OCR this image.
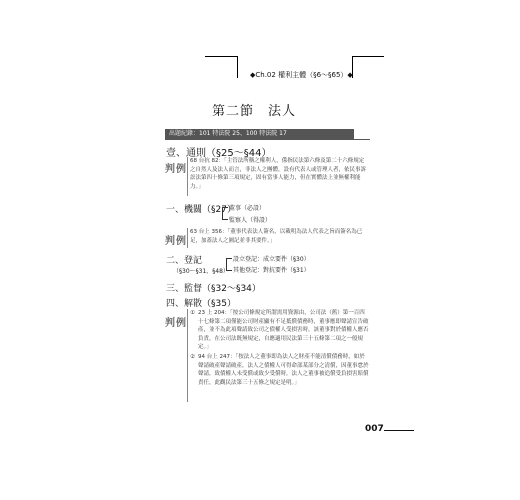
◆Ch.02 權利主體（§6～§65）◆
第二節　法人
出題紀錄：101 特法院 25、100 特法院 17
壹、通則（§25～§44）
判例
68 台抗 82：「主管法所稱之權利人，係指民法第六條及第二十六條規定之自然人及法人而言，非法人之團體，設有代表人或管理人者，依民事訴訟法第四十條第三項規定，固有當事人能力，但在實體法上並無權利能力。」
一、機關（§27）
董事（必設）
監察人（得設）
判例
63 台上 356：「董事代表法人簽名，以載明為法人代表之旨而簽名為已足，加蓋法人之圖記並非其要件。」
二、登記
（§30～§31、§48）
設立登記：成立要件（§30）
其他登記：對抗要件（§31）
三、監督（§32～§34）
四、解散（§35）
判例
① 23 上 204：「按公司條規定所謂需用資源由，公司法（舊）第一百四十七條第二項僅能公司財產顯有不足抵償債務時，董事應即聲請宣告破產，並不為此項聲請致公司之債權人受損害時，該董事對於債權人應否負責，在公司法既無規定，自應適用民法第三十五條第二項之一般規定。」
② 94 台上 247：「按法人之董事即為法人之財產不能清償債務時，如於聲請破產聲請破產，法人之債權人可得命部某部分之清償，因董事怠於聲請，致債權人未受償或致少受償時，法人之董事被追償受負損害賠償責任，此觀民法第三十五條之規定是明。」
007
